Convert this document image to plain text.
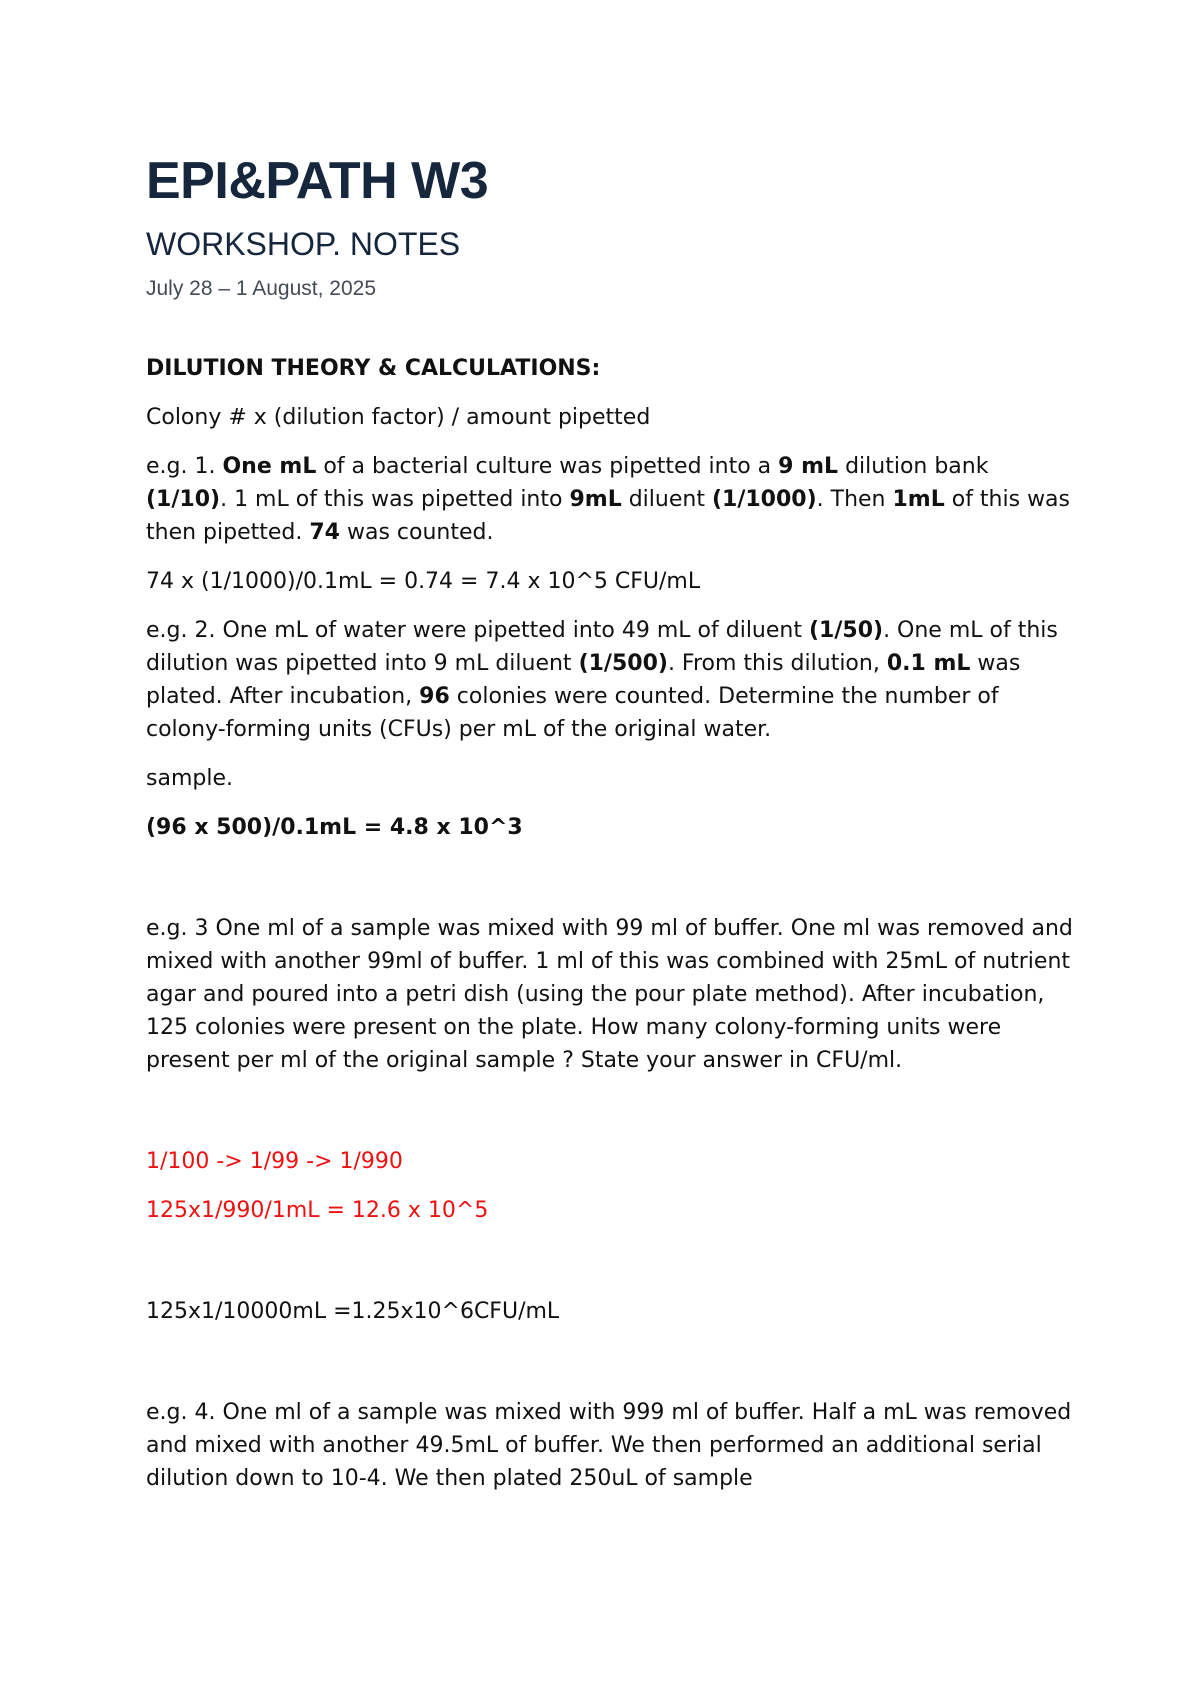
EPI&PATH W3
WORKSHOP. NOTES
July 28 – 1 August, 2025

DILUTION THEORY & CALCULATIONS:

Colony # x (dilution factor) / amount pipetted

e.g. 1. One mL of a bacterial culture was pipetted into a 9 mL dilution bank (1/10). 1 mL of this was pipetted into 9mL diluent (1/1000). Then 1mL of this was then pipetted. 74 was counted.

74 x (1/1000)/0.1mL = 0.74 = 7.4 x 10^5 CFU/mL

e.g. 2. One mL of water were pipetted into 49 mL of diluent (1/50). One mL of this dilution was pipetted into 9 mL diluent (1/500). From this dilution, 0.1 mL was plated. After incubation, 96 colonies were counted. Determine the number of colony-forming units (CFUs) per mL of the original water.

sample.

(96 x 500)/0.1mL = 4.8 x 10^3

e.g. 3 One ml of a sample was mixed with 99 ml of buffer. One ml was removed and mixed with another 99ml of buffer. 1 ml of this was combined with 25mL of nutrient agar and poured into a petri dish (using the pour plate method). After incubation, 125 colonies were present on the plate. How many colony-forming units were present per ml of the original sample ? State your answer in CFU/ml.

1/100 -> 1/99 -> 1/990

125x1/990/1mL = 12.6 x 10^5

125x1/10000mL =1.25x10^6CFU/mL

e.g. 4. One ml of a sample was mixed with 999 ml of buffer. Half a mL was removed and mixed with another 49.5mL of buffer. We then performed an additional serial dilution down to 10-4. We then plated 250uL of sample
